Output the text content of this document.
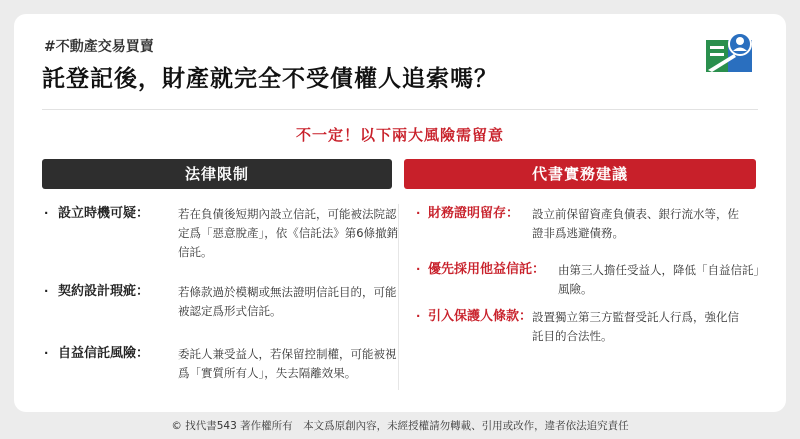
#不動產交易買賣
託登記後，財產就完全不受債權人追索嗎？
不一定！以下兩大風險需留意
法律限制	代書實務建議
· 設立時機可疑：	若在負債後短期內設立信託，可能被法院認定爲「惡意脫產」，依《信託法》第6條撤銷信託。
· 契約設計瑕疵：	若條款過於模糊或無法證明信託目的，可能被認定爲形式信託。
· 自益信託風險：	委託人兼受益人，若保留控制權，可能被視爲「實質所有人」，失去隔離效果。
· 財務證明留存： 設立前保留資產負債表、銀行流水等，佐證非爲逃避債務。
· 優先採用他益信託： 由第三人擔任受益人，降低「自益信託」風險。
· 引入保護人條款： 設置獨立第三方監督受託人行爲，強化信託目的合法性。
© 找代書543 著作權所有　本文爲原創內容，未經授權請勿轉載、引用或改作，違者依法追究責任
